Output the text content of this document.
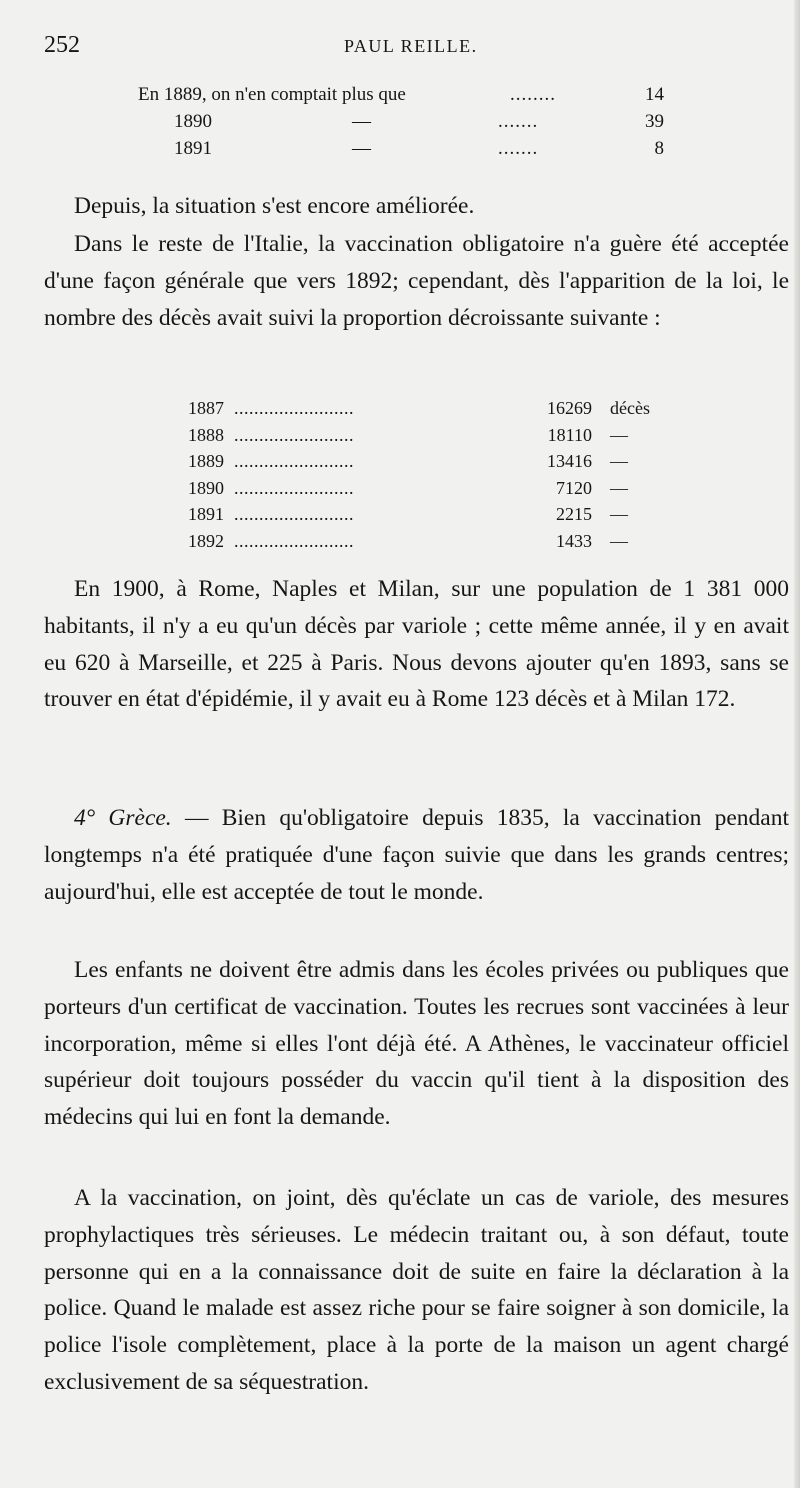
252	PAUL REILLE.
En 1889, on n'en comptait plus que	........	14
1890	—	.......	39
1891	—	.......	8

Depuis, la situation s'est encore améliorée.

Dans le reste de l'Italie, la vaccination obligatoire n'a guère été acceptée d'une façon générale que vers 1892; cependant, dès l'apparition de la loi, le nombre des décès avait suivi la proportion décroissante suivante :

1887 ........................	16269 décès
1888 ........................	18110 —
1889 ........................	13416 —
1890 ........................	7120 —
1891 ........................	2215 —
1892 ........................	1433 —

En 1900, à Rome, Naples et Milan, sur une population de 1 381 000 habitants, il n'y a eu qu'un décès par variole ; cette même année, il y en avait eu 620 à Marseille, et 225 à Paris. Nous devons ajouter qu'en 1893, sans se trouver en état d'épidémie, il y avait eu à Rome 123 décès et à Milan 172.

4° Grèce. — Bien qu'obligatoire depuis 1835, la vaccination pendant longtemps n'a été pratiquée d'une façon suivie que dans les grands centres; aujourd'hui, elle est acceptée de tout le monde.

Les enfants ne doivent être admis dans les écoles privées ou publiques que porteurs d'un certificat de vaccination. Toutes les recrues sont vaccinées à leur incorporation, même si elles l'ont déjà été. A Athènes, le vaccinateur officiel supérieur doit toujours posséder du vaccin qu'il tient à la disposition des médecins qui lui en font la demande.

A la vaccination, on joint, dès qu'éclate un cas de variole, des mesures prophylactiques très sérieuses. Le médecin traitant ou, à son défaut, toute personne qui en a la connaissance doit de suite en faire la déclaration à la police. Quand le malade est assez riche pour se faire soigner à son domicile, la police l'isole complètement, place à la porte de la maison un agent chargé exclusivement de sa séquestration.
